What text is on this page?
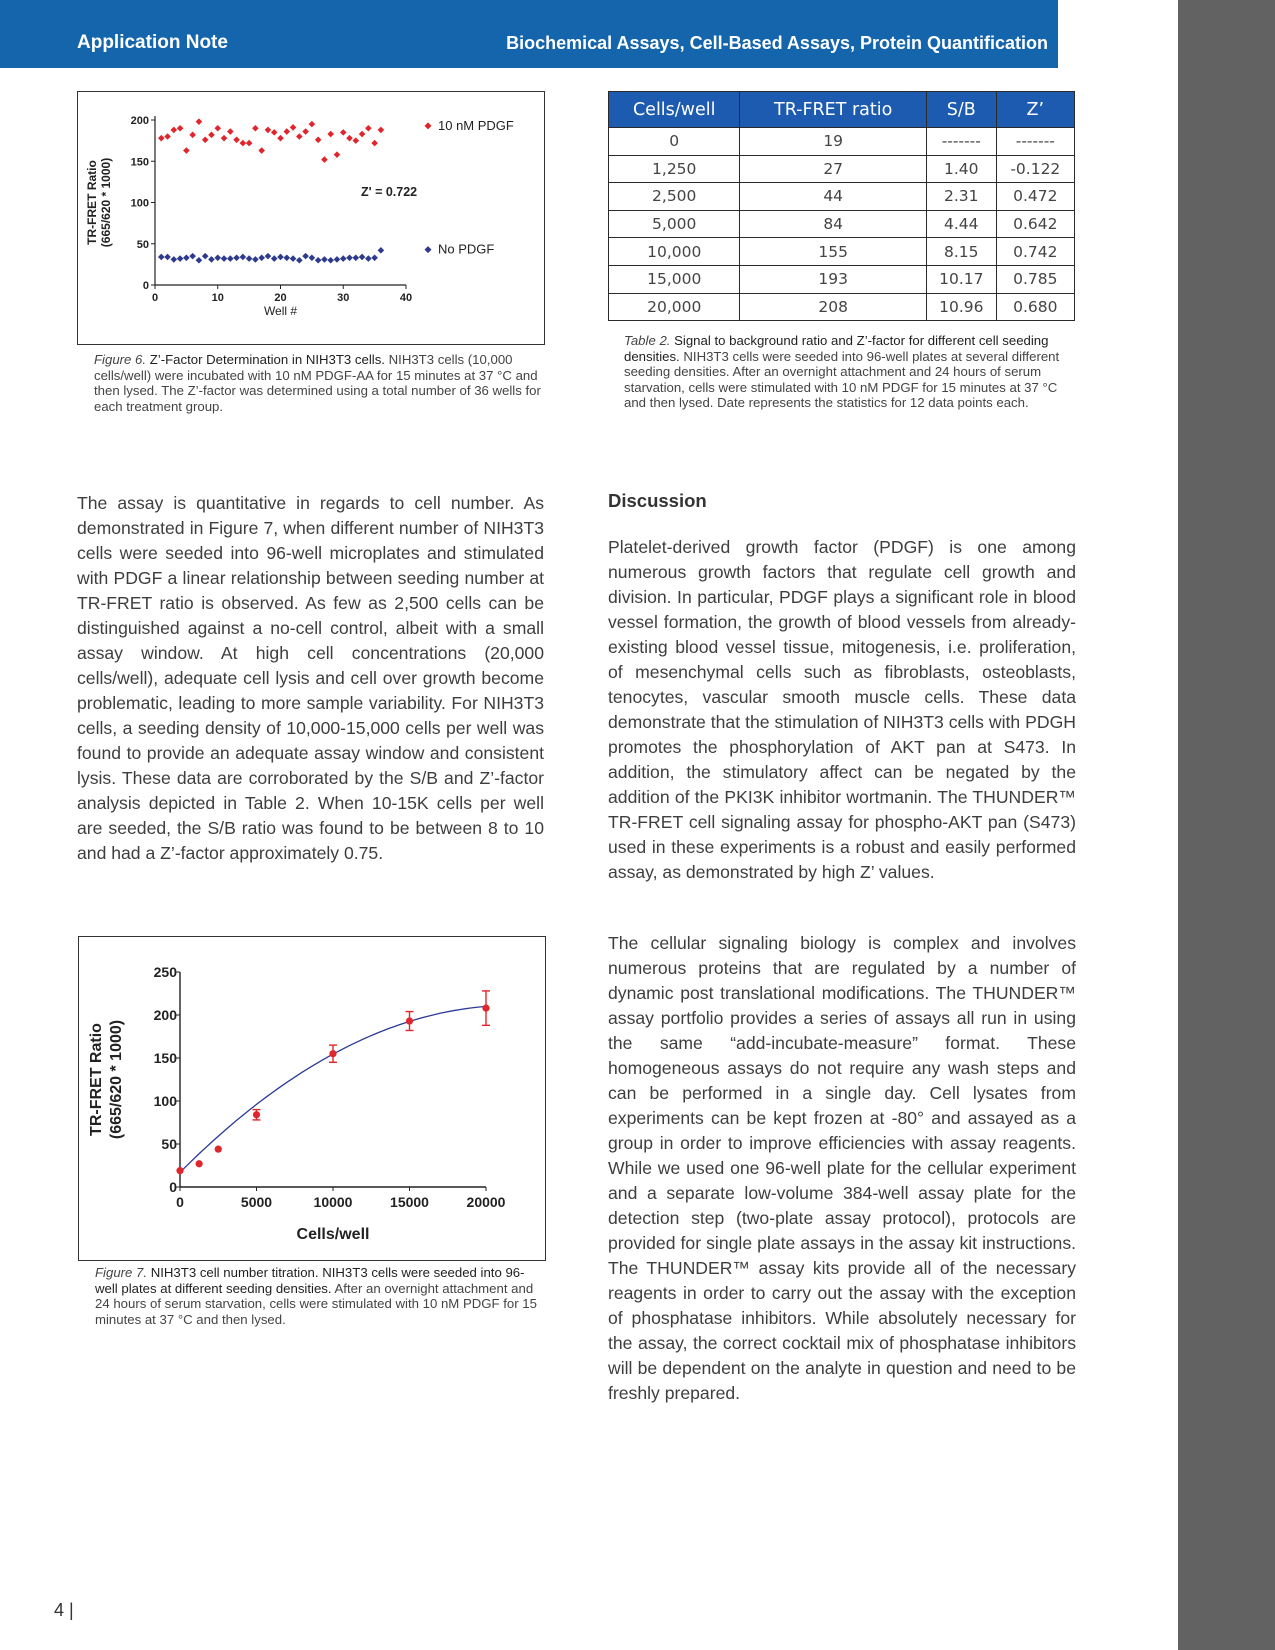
Application Note	Biochemical Assays, Cell-Based Assays, Protein Quantification
0
50
100
150
200
0	10	20	30	40
Well #
TR-FRET Ratio (665/620 * 1000)
10 nM PDGF
No PDGF
Z' = 0.722
Figure 6. Z’-Factor Determination in NIH3T3 cells. NIH3T3 cells (10,000 cells/well) were incubated with 10 nM PDGF-AA for 15 minutes at 37 °C and then lysed. The Z’-factor was determined using a total number of 36 wells for each treatment group.
Cells/well	TR-FRET ratio	S/B	Z’
0	19	-------	-------
1,250	27	1.40	-0.122
2,500	44	2.31	0.472
5,000	84	4.44	0.642
10,000	155	8.15	0.742
15,000	193	10.17	0.785
20,000	208	10.96	0.680
Table 2. Signal to background ratio and Z’-factor for different cell seeding densities. NIH3T3 cells were seeded into 96-well plates at several different seeding densities. After an overnight attachment and 24 hours of serum starvation, cells were stimulated with 10 nM PDGF for 15 minutes at 37 °C and then lysed. Date represents the statistics for 12 data points each.

The assay is quantitative in regards to cell number. As demonstrated in Figure 7, when different number of NIH3T3 cells were seeded into 96-well microplates and stimulated with PDGF a linear relationship between seeding number at TR-FRET ratio is observed. As few as 2,500 cells can be distinguished against a no-cell control, albeit with a small assay window. At high cell concentrations (20,000 cells/well), adequate cell lysis and cell over growth become problematic, leading to more sample variability. For NIH3T3 cells, a seeding density of 10,000-15,000 cells per well was found to provide an adequate assay window and consistent lysis. These data are corroborated by the S/B and Z’-factor analysis depicted in Table 2. When 10-15K cells per well are seeded, the S/B ratio was found to be between 8 to 10 and had a Z’-factor approximately 0.75.

0
50
100
150
200
250
0	5000	10000	15000	20000
Cells/well
TR-FRET Ratio (665/620 * 1000)
Figure 7. NIH3T3 cell number titration. NIH3T3 cells were seeded into 96-well plates at different seeding densities. After an overnight attachment and 24 hours of serum starvation, cells were stimulated with 10 nM PDGF for 15 minutes at 37 °C and then lysed.
Discussion

Platelet-derived growth factor (PDGF) is one among numerous growth factors that regulate cell growth and division. In particular, PDGF plays a significant role in blood vessel formation, the growth of blood vessels from already-existing blood vessel tissue, mitogenesis, i.e. proliferation, of mesenchymal cells such as fibroblasts, osteoblasts, tenocytes, vascular smooth muscle cells. These data demonstrate that the stimulation of NIH3T3 cells with PDGH promotes the phosphorylation of AKT pan at S473. In addition, the stimulatory affect can be negated by the addition of the PKI3K inhibitor wortmanin. The THUNDER™ TR-FRET cell signaling assay for phospho-AKT pan (S473) used in these experiments is a robust and easily performed assay, as demonstrated by high Z’ values.

The cellular signaling biology is complex and involves numerous proteins that are regulated by a number of dynamic post translational modifications. The THUNDER™ assay portfolio provides a series of assays all run in using the same “add-incubate-measure” format. These homogeneous assays do not require any wash steps and can be performed in a single day. Cell lysates from experiments can be kept frozen at -80° and assayed as a group in order to improve efficiencies with assay reagents. While we used one 96-well plate for the cellular experiment and a separate low-volume 384-well assay plate for the detection step (two-plate assay protocol), protocols are provided for single plate assays in the assay kit instructions. The THUNDER™ assay kits provide all of the necessary reagents in order to carry out the assay with the exception of phosphatase inhibitors. While absolutely necessary for the assay, the correct cocktail mix of phosphatase inhibitors will be dependent on the analyte in question and need to be freshly prepared.

4 |
